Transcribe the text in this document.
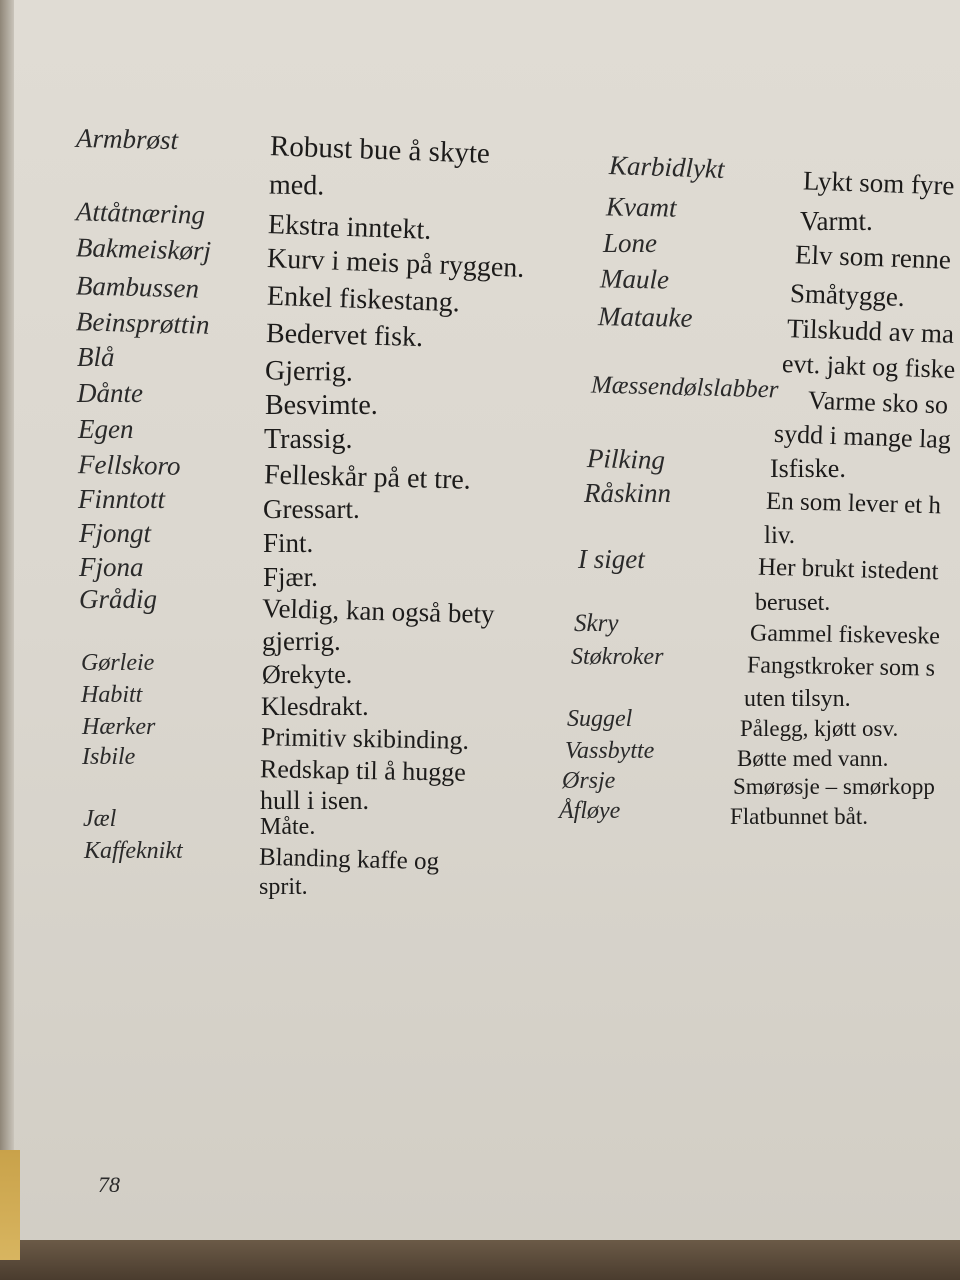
Armbrøst	Robust bue å skyte
med.
Attåtnæring Ekstra inntekt.
Bakmeiskørj Kurv i meis på ryggen.
Bambussen Enkel fiskestang.
Beinsprøttin Bedervet fisk.
Blå	Gjerrig.
Dånte	Besvimte.
Egen	Trassig.
Fellskoro	Felleskår på et tre.
Finntott	Gressart.
Fjongt	Fint.
Fjona	Fjær.
Grådig	Veldig, kan også bety
gjerrig.
Gørleie	Ørekyte.
Habitt	Klesdrakt.
Hærker	Primitiv skibinding.
Isbile	Redskap til å hugge
hull i isen.
Jæl	Måte.
Kaffeknikt	Blanding kaffe og
sprit.
Karbidlykt	Lykt som fyre
Kvamt	Varmt.
Lone	Elv som renne
Maule	Småtygge.
Matauke	Tilskudd av ma
evt. jakt og fiske
Mæssendølslabber Varme sko so
sydd i mange lag
Pilking	Isfiske.
Råskinn	En som lever et h
liv.
I siget	Her brukt istedent
beruset.
Skry	Gammel fiskeveske
Støkroker	Fangstkroker som s
uten tilsyn.
Suggel	Pålegg, kjøtt osv.
Vassbytte	Bøtte med vann.
Ørsje	Smørøsje – smørkopp
Åfløye	Flatbunnet båt.
78
